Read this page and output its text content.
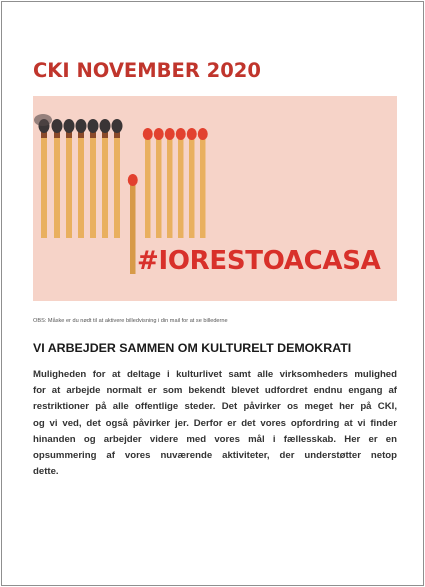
CKI NOVEMBER 2020
#IORESTOACASA
OBS: Måske er du nødt til at aktivere billedvisning i din mail for at se billederne
VI ARBEJDER SAMMEN OM KULTURELT DEMOKRATI
Muligheden for at deltage i kulturlivet samt alle virksomheders mulighed
for at arbejde normalt er som bekendt blevet udfordret endnu engang af
restriktioner på alle offentlige steder. Det påvirker os meget her på CKI,
og vi ved, det også påvirker jer. Derfor er det vores opfordring at vi finder
hinanden og arbejder videre med vores mål i fællesskab. Her er en
opsummering af vores nuværende aktiviteter, der understøtter netop
dette.
